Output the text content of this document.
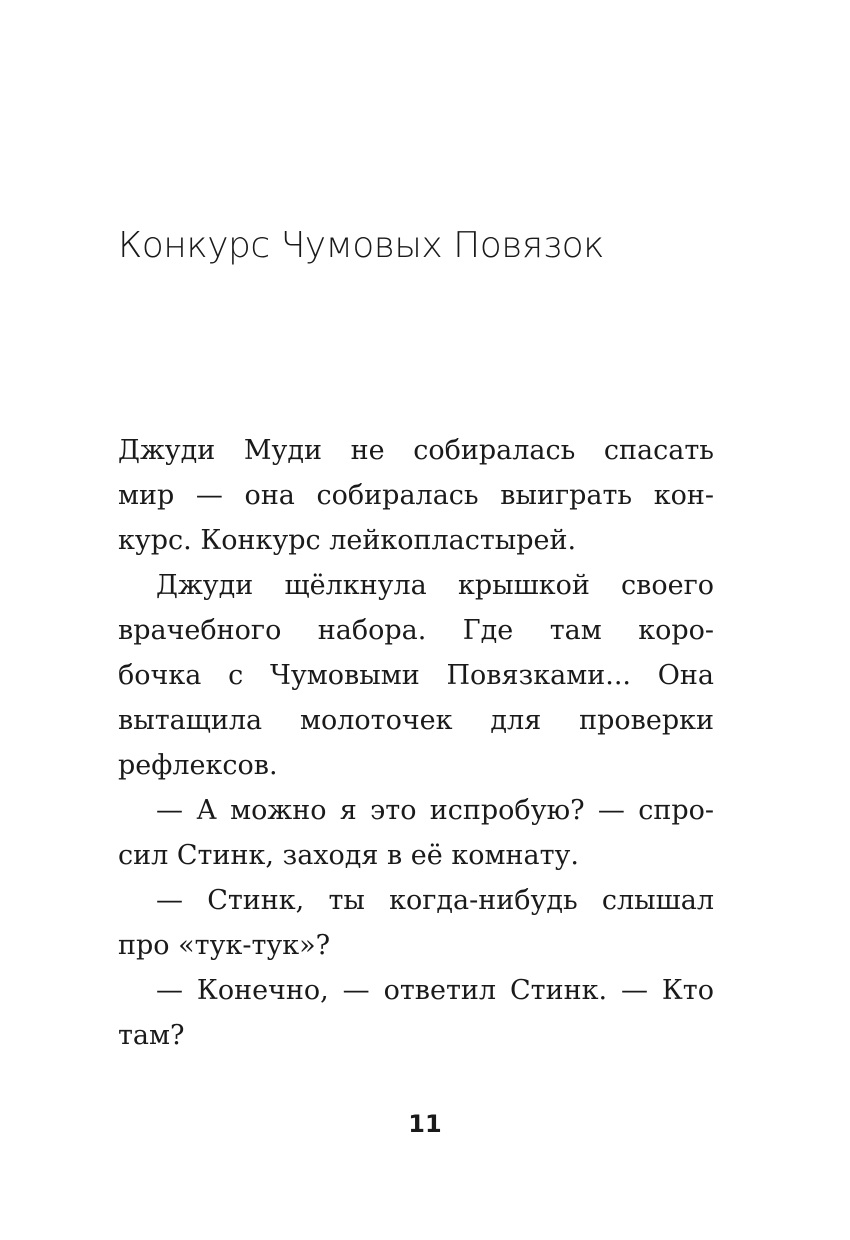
Конкурс Чумовых Повязок
Джуди Муди не собиралась спасать
мир — она собиралась выиграть кон-
курс. Конкурс лейкопластырей.
Джуди щёлкнула крышкой своего
врачебного набора. Где там коро-
бочка с Чумовыми Повязками... Она
вытащила молоточек для проверки
рефлексов.
— А можно я это испробую? — спро-
сил Стинк, заходя в её комнату.
— Стинк, ты когда-нибудь слышал
про «тук-тук»?
— Конечно, — ответил Стинк. — Кто
там?
11
